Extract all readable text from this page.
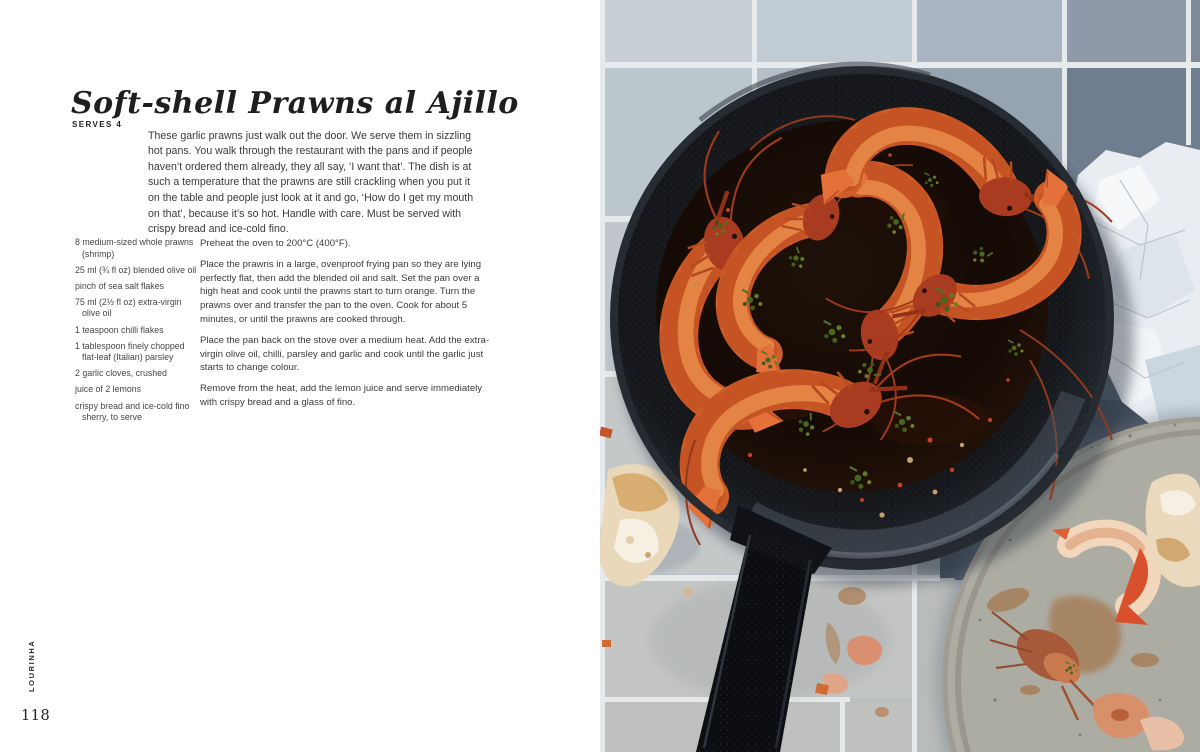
Soft-shell Prawns al Ajillo
SERVES 4

These garlic prawns just walk out the door. We serve them in sizzling hot pans. You walk through the restaurant with the pans and if people haven’t ordered them already, they all say, ‘I want that’. The dish is at such a temperature that the prawns are still crackling when you put it on the table and people just look at it and go, ‘How do I get my mouth on that’, because it’s so hot. Handle with care. Must be served with crispy bread and ice-cold fino.

8 medium-sized whole prawns (shrimp)
25 ml (¾ fl oz) blended olive oil
pinch of sea salt flakes
75 ml (2½ fl oz) extra-virgin olive oil
1 teaspoon chilli flakes
1 tablespoon finely chopped flat-leaf (Italian) parsley
2 garlic cloves, crushed
juice of 2 lemons
crispy bread and ice-cold fino sherry, to serve

Preheat the oven to 200°C (400°F).

Place the prawns in a large, ovenproof frying pan so they are lying perfectly flat, then add the blended oil and salt. Set the pan over a high heat and cook until the prawns start to turn orange. Turn the prawns over and transfer the pan to the oven. Cook for about 5 minutes, or until the prawns are cooked through.

Place the pan back on the stove over a medium heat. Add the extra-virgin olive oil, chilli, parsley and garlic and cook until the garlic just starts to change colour.

Remove from the heat, add the lemon juice and serve immediately with crispy bread and a glass of fino.

LOURINHA
118
